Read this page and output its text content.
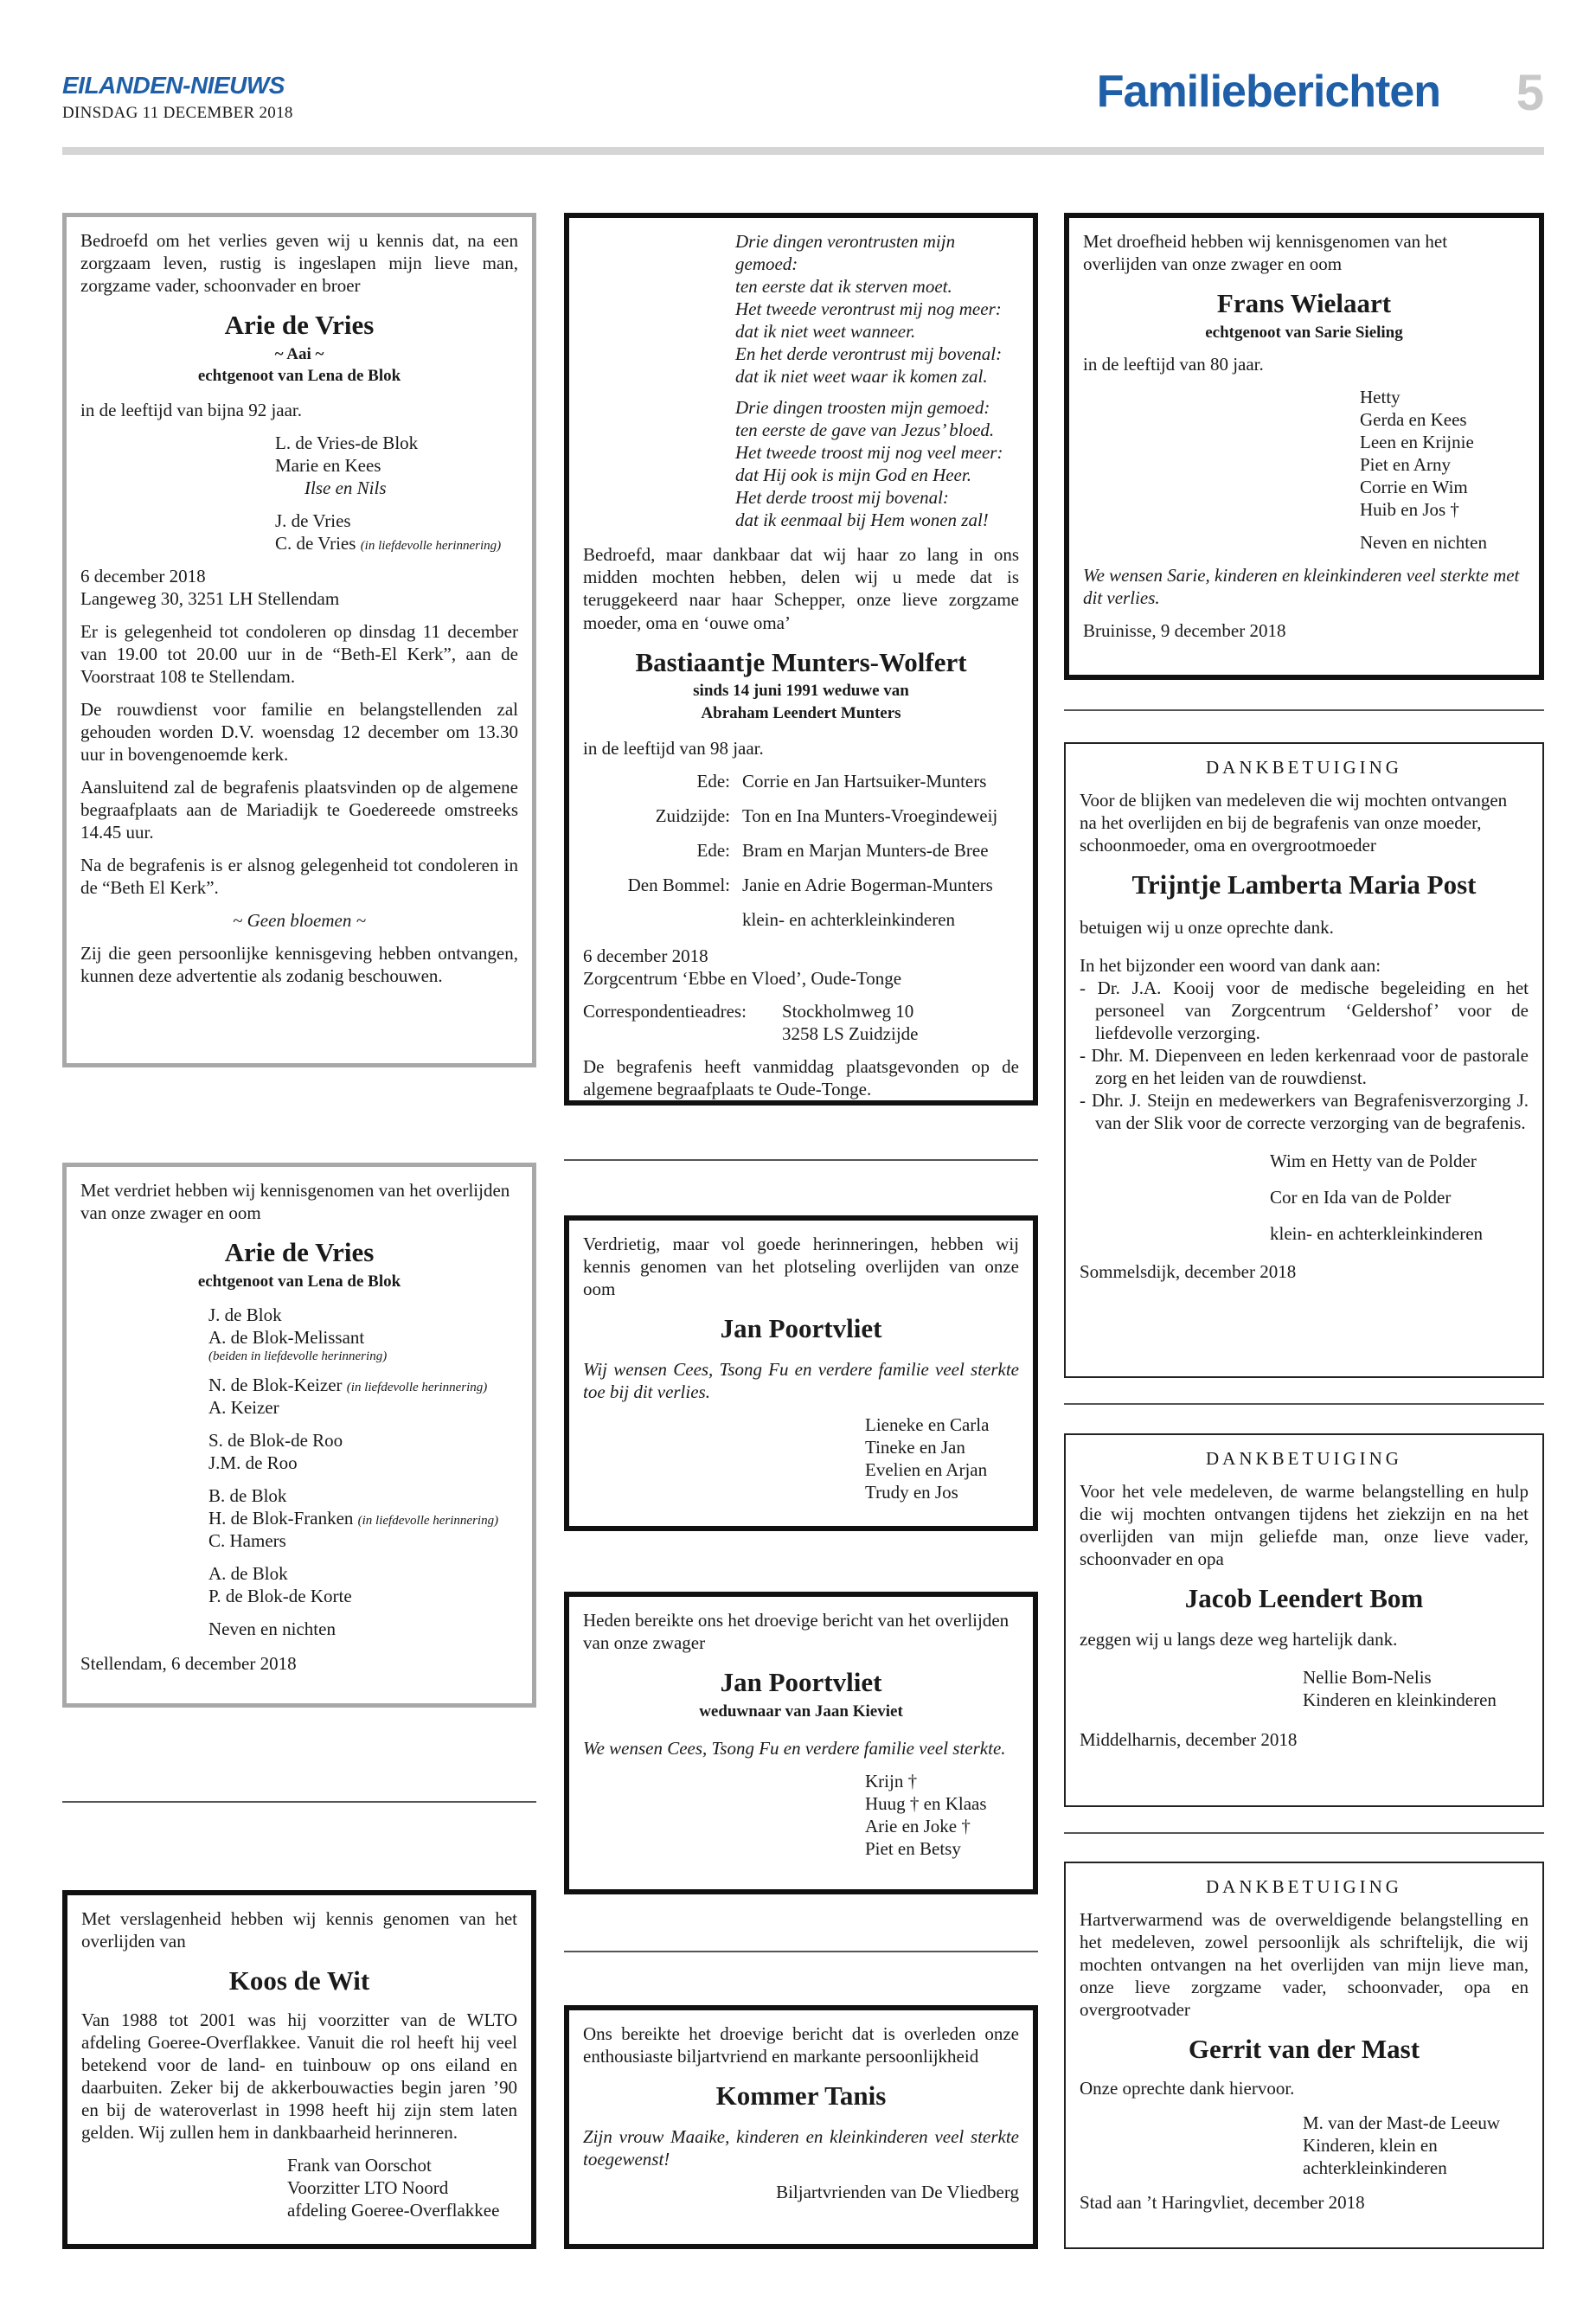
EILANDEN-NIEUWS
DINSDAG 11 DECEMBER 2018	Familieberichten 5

Bedroefd om het verlies geven wij u kennis dat, na een zorgzaam leven, rustig is ingeslapen mijn lieve man, zorgzame vader, schoonvader en broer

Arie de Vries
~ Aai ~
echtgenoot van Lena de Blok

in de leeftijd van bijna 92 jaar.

L. de Vries-de Blok
Marie en Kees
Ilse en Nils
J. de Vries
C. de Vries (in liefdevolle herinnering)
6 december 2018

Langeweg 30, 3251 LH Stellendam

Er is gelegenheid tot condoleren op dinsdag 11 december van 19.00 tot 20.00 uur in de “Beth-El Kerk”, aan de Voorstraat 108 te Stellendam.

De rouwdienst voor familie en belangstellenden zal gehouden worden D.V. woensdag 12 december om 13.30 uur in bovengenoemde kerk.

Aansluitend zal de begrafenis plaatsvinden op de algemene begraafplaats aan de Mariadijk te Goedereede omstreeks 14.45 uur.

Na de begrafenis is er alsnog gelegenheid tot condoleren in de “Beth El Kerk”.

~ Geen bloemen ~

Zij die geen persoonlijke kennisgeving hebben ontvangen, kunnen deze advertentie als zodanig beschouwen.

Met verdriet hebben wij kennisgenomen van het overlijden van onze zwager en oom

Arie de Vries
echtgenoot van Lena de Blok
J. de Blok
A. de Blok-Melissant
(beiden in liefdevolle herinnering)
N. de Blok-Keizer (in liefdevolle herinnering)
A. Keizer
S. de Blok-de Roo
J.M. de Roo
B. de Blok
H. de Blok-Franken (in liefdevolle herinnering)
C. Hamers
A. de Blok
P. de Blok-de Korte
Neven en nichten
Stellendam, 6 december 2018

Met verslagenheid hebben wij kennis genomen van het overlijden van

Koos de Wit

Van 1988 tot 2001 was hij voorzitter van de WLTO afdeling Goeree-Overflakkee. Vanuit die rol heeft hij veel betekend voor de land- en tuinbouw op ons eiland en daarbuiten. Zeker bij de akkerbouwacties begin jaren ’90 en bij de wateroverlast in 1998 heeft hij zijn stem laten gelden. Wij zullen hem in dankbaarheid herinneren.

Frank van Oorschot
Voorzitter LTO Noord
afdeling Goeree-Overflakkee
Drie dingen verontrusten mijn gemoed:
ten eerste dat ik sterven moet.
Het tweede verontrust mij nog meer:
dat ik niet weet wanneer.
En het derde verontrust mij bovenal:
dat ik niet weet waar ik komen zal.
Drie dingen troosten mijn gemoed:
ten eerste de gave van Jezus’ bloed.
Het tweede troost mij nog veel meer:
dat Hij ook is mijn God en Heer.
Het derde troost mij bovenal:
dat ik eenmaal bij Hem wonen zal!

Bedroefd, maar dankbaar dat wij haar zo lang in ons midden mochten hebben, delen wij u mede dat is teruggekeerd naar haar Schepper, onze lieve zorgzame moeder, oma en ‘ouwe oma’

Bastiaantje Munters-Wolfert
sinds 14 juni 1991 weduwe van
Abraham Leendert Munters

in de leeftijd van 98 jaar.

Ede: Corrie en Jan Hartsuiker-Munters
Zuidzijde: Ton en Ina Munters-Vroegindeweij
Ede: Bram en Marjan Munters-de Bree
Den Bommel: Janie en Adrie Bogerman-Munters
klein- en achterkleinkinderen
6 december 2018

Zorgcentrum ‘Ebbe en Vloed’, Oude-Tonge

Correspondentieadres:	Stockholmweg 10
3258 LS Zuidzijde

De begrafenis heeft vanmiddag plaatsgevonden op de algemene begraafplaats te Oude-Tonge.

Verdrietig, maar vol goede herinneringen, hebben wij kennis genomen van het plotseling overlijden van onze oom

Jan Poortvliet

Wij wensen Cees, Tsong Fu en verdere familie veel sterkte toe bij dit verlies.

Lieneke en Carla
Tineke en Jan
Evelien en Arjan
Trudy en Jos

Heden bereikte ons het droevige bericht van het overlijden van onze zwager

Jan Poortvliet
weduwnaar van Jaan Kieviet

We wensen Cees, Tsong Fu en verdere familie veel sterkte.

Krijn †
Huug † en Klaas
Arie en Joke †
Piet en Betsy

Ons bereikte het droevige bericht dat is overleden onze enthousiaste biljartvriend en markante persoonlijkheid

Kommer Tanis

Zijn vrouw Maaike, kinderen en kleinkinderen veel sterkte toegewenst!

Biljartvrienden van De Vliedberg

Met droefheid hebben wij kennisgenomen van het overlijden van onze zwager en oom

Frans Wielaart
echtgenoot van Sarie Sieling

in de leeftijd van 80 jaar.

Hetty
Gerda en Kees
Leen en Krijnie
Piet en Arny
Corrie en Wim
Huib en Jos †
Neven en nichten

We wensen Sarie, kinderen en kleinkinderen veel sterkte met dit verlies.

Bruinisse, 9 december 2018
DANKBETUIGING

Voor de blijken van medeleven die wij mochten ontvangen na het overlijden en bij de begrafenis van onze moeder, schoonmoeder, oma en overgrootmoeder

Trijntje Lamberta Maria Post

betuigen wij u onze oprechte dank.

In het bijzonder een woord van dank aan:
- Dr. J.A. Kooij voor de medische begeleiding en het personeel van Zorgcentrum ‘Geldershof’ voor de liefdevolle verzorging.
- Dhr. M. Diepenveen en leden kerkenraad voor de pastorale zorg en het leiden van de rouwdienst.
- Dhr. J. Steijn en medewerkers van Begrafenisverzorging J. van der Slik voor de correcte verzorging van de begrafenis.
Wim en Hetty van de Polder
Cor en Ida van de Polder
klein- en achterkleinkinderen
Sommelsdijk, december 2018
DANKBETUIGING

Voor het vele medeleven, de warme belangstelling en hulp die wij mochten ontvangen tijdens het ziekzijn en na het overlijden van mijn geliefde man, onze lieve vader, schoonvader en opa

Jacob Leendert Bom

zeggen wij u langs deze weg hartelijk dank.

Nellie Bom-Nelis
Kinderen en kleinkinderen
Middelharnis, december 2018
DANKBETUIGING

Hartverwarmend was de overweldigende belangstelling en het medeleven, zowel persoonlijk als schriftelijk, die wij mochten ontvangen na het overlijden van mijn lieve man, onze lieve zorgzame vader, schoonvader, opa en overgrootvader

Gerrit van der Mast

Onze oprechte dank hiervoor.

M. van der Mast-de Leeuw
Kinderen, klein en
achterkleinkinderen
Stad aan ’t Haringvliet, december 2018
